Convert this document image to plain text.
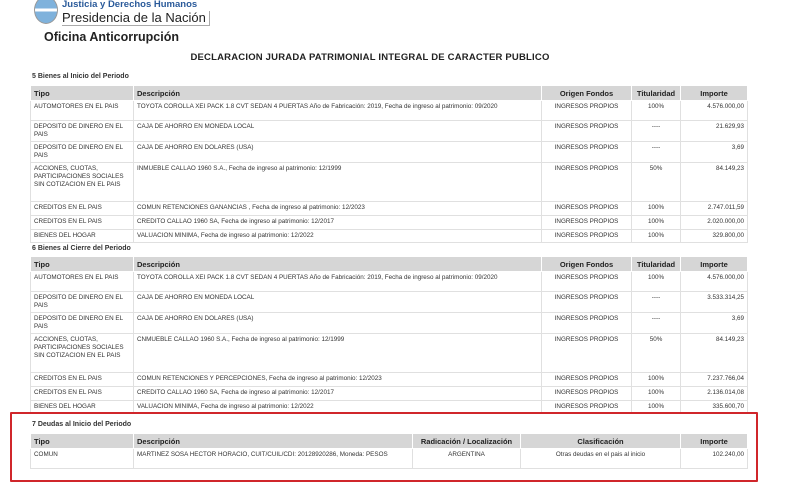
Justicia y Derechos Humanos
Presidencia de la Nación
Oficina Anticorrupción
DECLARACION JURADA PATRIMONIAL INTEGRAL DE CARACTER PUBLICO
5 Bienes al Inicio del Periodo
Tipo	Descripción	Origen Fondos	Titularidad	Importe
AUTOMOTORES EN EL PAIS	TOYOTA COROLLA XEI PACK 1.8 CVT SEDAN 4 PUERTAS Año de Fabricación: 2019, Fecha de ingreso al patrimonio: 09/2020	INGRESOS PROPIOS	100%	4.576.000,00
DEPOSITO DE DINERO EN EL PAIS	CAJA DE AHORRO EN MONEDA LOCAL	INGRESOS PROPIOS	----	21.629,93
DEPOSITO DE DINERO EN EL PAIS	CAJA DE AHORRO EN DOLARES (USA)	INGRESOS PROPIOS	----	3,69
ACCIONES, CUOTAS, PARTICIPACIONES SOCIALES SIN COTIZACION EN EL PAIS	INMUEBLE CALLAO 1960 S.A., Fecha de ingreso al patrimonio: 12/1999	INGRESOS PROPIOS	50%	84.149,23
CREDITOS EN EL PAIS	COMUN RETENCIONES GANANCIAS , Fecha de ingreso al patrimonio: 12/2023	INGRESOS PROPIOS	100%	2.747.011,59
CREDITOS EN EL PAIS	CREDITO CALLAO 1960 SA, Fecha de ingreso al patrimonio: 12/2017	INGRESOS PROPIOS	100%	2.020.000,00
BIENES DEL HOGAR	VALUACION MINIMA, Fecha de ingreso al patrimonio: 12/2022	INGRESOS PROPIOS	100%	329.800,00
6 Bienes al Cierre del Periodo
Tipo	Descripción	Origen Fondos	Titularidad	Importe
AUTOMOTORES EN EL PAIS	TOYOTA COROLLA XEI PACK 1.8 CVT SEDAN 4 PUERTAS Año de Fabricación: 2019, Fecha de ingreso al patrimonio: 09/2020	INGRESOS PROPIOS	100%	4.576.000,00
DEPOSITO DE DINERO EN EL PAIS	CAJA DE AHORRO EN MONEDA LOCAL	INGRESOS PROPIOS	----	3.533.314,25
DEPOSITO DE DINERO EN EL PAIS	CAJA DE AHORRO EN DOLARES (USA)	INGRESOS PROPIOS	----	3,69
ACCIONES, CUOTAS, PARTICIPACIONES SOCIALES SIN COTIZACION EN EL PAIS	CNMUEBLE CALLAO 1960 S.A., Fecha de ingreso al patrimonio: 12/1999	INGRESOS PROPIOS	50%	84.149,23
CREDITOS EN EL PAIS	COMUN RETENCIONES Y PERCEPCIONES, Fecha de ingreso al patrimonio: 12/2023	INGRESOS PROPIOS	100%	7.237.766,04
CREDITOS EN EL PAIS	CREDITO CALLAO 1960 SA, Fecha de ingreso al patrimonio: 12/2017	INGRESOS PROPIOS	100%	2.136.014,08
BIENES DEL HOGAR	VALUACION MINIMA, Fecha de ingreso al patrimonio: 12/2022	INGRESOS PROPIOS	100%	335.600,70
7 Deudas al Inicio del Periodo
Tipo	Descripción	Radicación / Localización	Clasificación	Importe
COMUN	MARTINEZ SOSA HECTOR HORACIO, CUIT/CUIL/CDI: 20128920286, Moneda: PESOS	ARGENTINA	Otras deudas en el pais al inicio	102.240,00
